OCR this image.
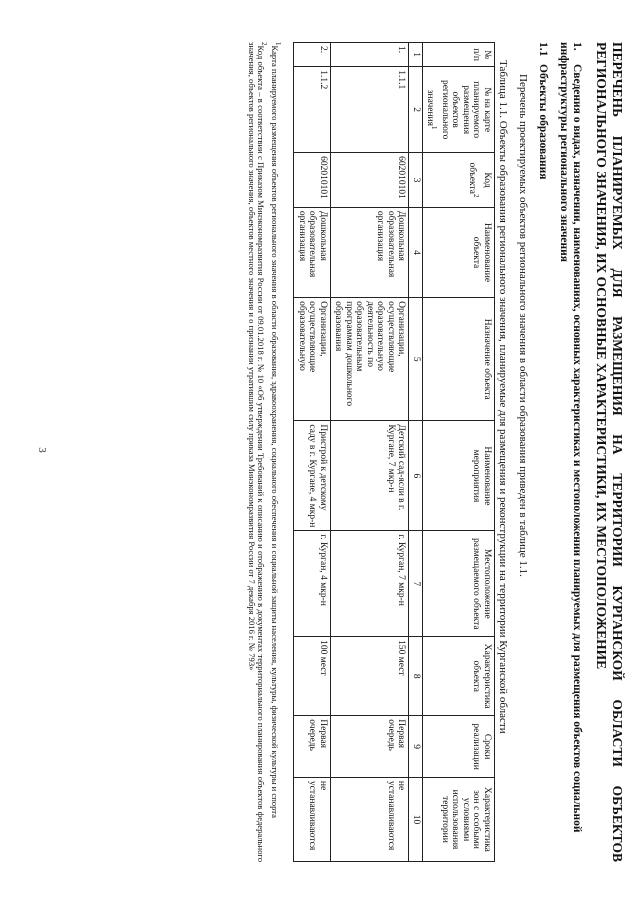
3	ПЕРЕЧЕНЬ ПЛАНИРУЕМЫХ ДЛЯ РАЗМЕЩЕНИЯ НА ТЕРРИТОРИИ КУРГАНСКОЙ ОБЛАСТИ ОБЪЕКТОВ РЕГИОНАЛЬНОГО ЗНАЧЕНИЯ, ИХ ОСНОВНЫЕ ХАРАКТЕРИСТИКИ, ИХ МЕСТОПОЛОЖЕНИЕ
1.Сведения о видах, назначении, наименованиях, основных характеристиках и местоположении планируемых для размещения объектов социальной инфраструктуры регионального значения
1.1Объекты образования
Перечень проектируемых объектов регионального значения в области образования приведен в таблице 1.1.
Таблица 1.1. Объекты образования регионального значения, планируемые для размещения и реконструкции на территории Курганской области
№ п/п	№ на карте планируемого размещения объектов регионального значения$^1$	Код объекта$^2$	Наименование объекта	Назначение объекта	Наименование мероприятия	Местоположение размещаемого объекта	Характеристика объекта	Сроки реализации	Характеристика зон с особыми условиями использования территории
1	2	3	4	5	6	7	8	9	10
1.	1.1.1	602010101	Дошкольная образовательная организация	Организации, осуществляющие образовательную деятельность по образовательным программам дошкольного образования	Детский сад-ясли в г. Кургане, 7 мкр-н	г. Курган, 7 мкр-н	150 мест	Первая очередь	не устанавливаются
2.	1.1.2	602010101	Дошкольная образовательная организация	Организации, осуществляющие образовательную	Пристрой к детскому саду в г. Кургане, 4 мкр-н	г. Курган, 4 мкр-н	100 мест	Первая очередь	не устанавливаются
$^1$Карта планируемого размещения объектов регионального значения в области образования, здравоохранения, социального обеспечения и социальной защиты населения, культуры, физической культуры и спорта
$^2$Код объекта – в соответствии с Приказом Минэкономразвития России от 09.01.2018 г. № 10 «Об утверждении Требований к описанию и отображению в документах территориального планирования объектов федерального значения, объектов регионального значения, объектов местного значения и о признании утратившим силу приказа Минэкономразвития России от 7 декабря 2016 г. № 793»
